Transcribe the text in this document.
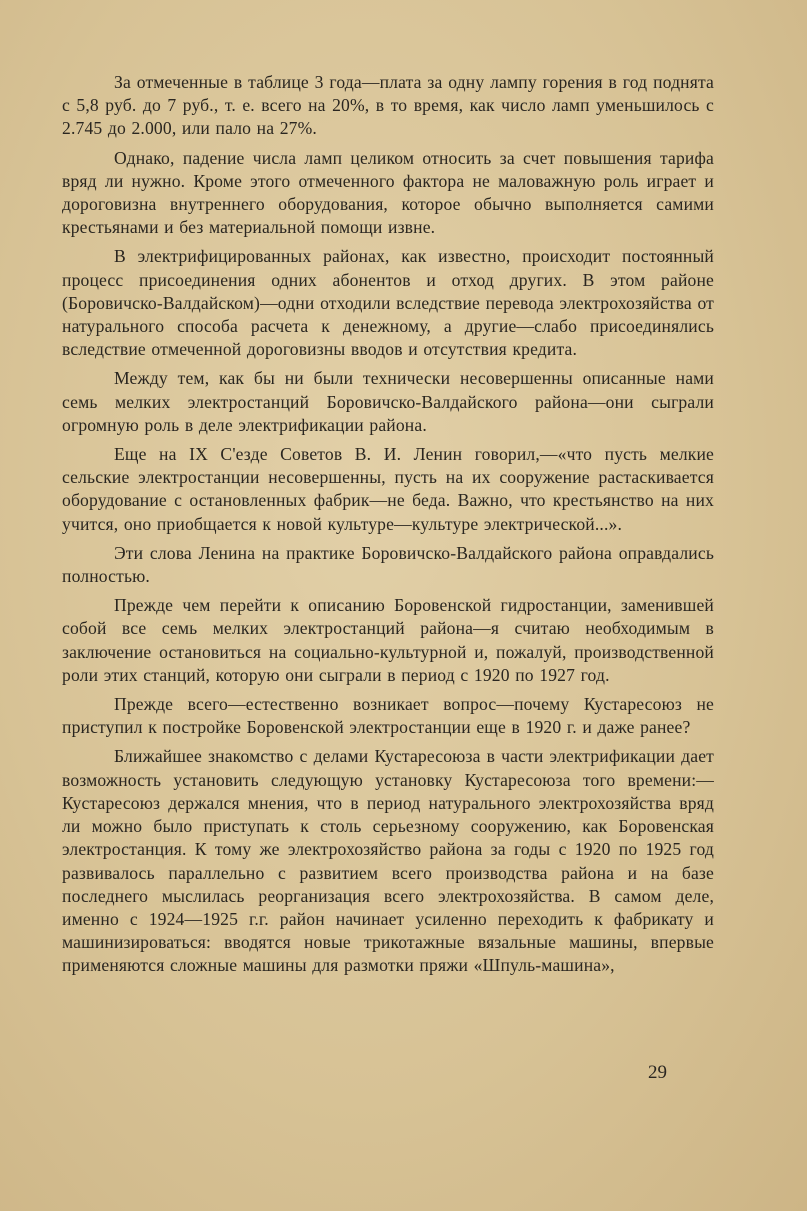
За отмеченные в таблице 3 года—плата за одну лампу горения в год поднята с 5,8 руб. до 7 руб., т. е. всего на 20%, в то время, как число ламп уменьшилось с 2.745 до 2.000, или пало на 27%.

Однако, падение числа ламп целиком относить за счет повышения тарифа вряд ли нужно. Кроме этого отмеченного фактора не маловажную роль играет и дороговизна внутреннего оборудования, которое обычно выполняется самими крестьянами и без материальной помощи извне.

В электрифицированных районах, как известно, происходит постоянный процесс присоединения одних абонентов и отход других. В этом районе (Боровичско-Валдайском)—одни отходили вследствие перевода электрохозяйства от натурального способа расчета к денежному, а другие—слабо присоединялись вследствие отмеченной дороговизны вводов и отсутствия кредита.

Между тем, как бы ни были технически несовершенны описанные нами семь мелких электростанций Боровичско-Валдайского района—они сыграли огромную роль в деле электрификации района.

Еще на IX С'езде Советов В. И. Ленин говорил,—«что пусть мелкие сельские электростанции несовершенны, пусть на их сооружение растаскивается оборудование с остановленных фабрик—не беда. Важно, что крестьянство на них учится, оно приобщается к новой культуре—культуре электрической...».

Эти слова Ленина на практике Боровичско-Валдайского района оправдались полностью.

Прежде чем перейти к описанию Боровенской гидростанции, заменившей собой все семь мелких электростанций района—я считаю необходимым в заключение остановиться на социально-культурной и, пожалуй, производственной роли этих станций, которую они сыграли в период с 1920 по 1927 год.

Прежде всего—естественно возникает вопрос—почему Кустаресоюз не приступил к постройке Боровенской электростанции еще в 1920 г. и даже ранее?

Ближайшее знакомство с делами Кустаресоюза в части электрификации дает возможность установить следующую установку Кустаресоюза того времени:—Кустаресоюз держался мнения, что в период натурального электрохозяйства вряд ли можно было приступать к столь серьезному сооружению, как Боровенская электростанция. К тому же электрохозяйство района за годы с 1920 по 1925 год развивалось параллельно с развитием всего производства района и на базе последнего мыслилась реорганизация всего электрохозяйства. В самом деле, именно с 1924—1925 г.г. район начинает усиленно переходить к фабрикату и машинизироваться: вводятся новые трикотажные вязальные машины, впервые применяются сложные машины для размотки пряжи «Шпуль-машина»,

29
